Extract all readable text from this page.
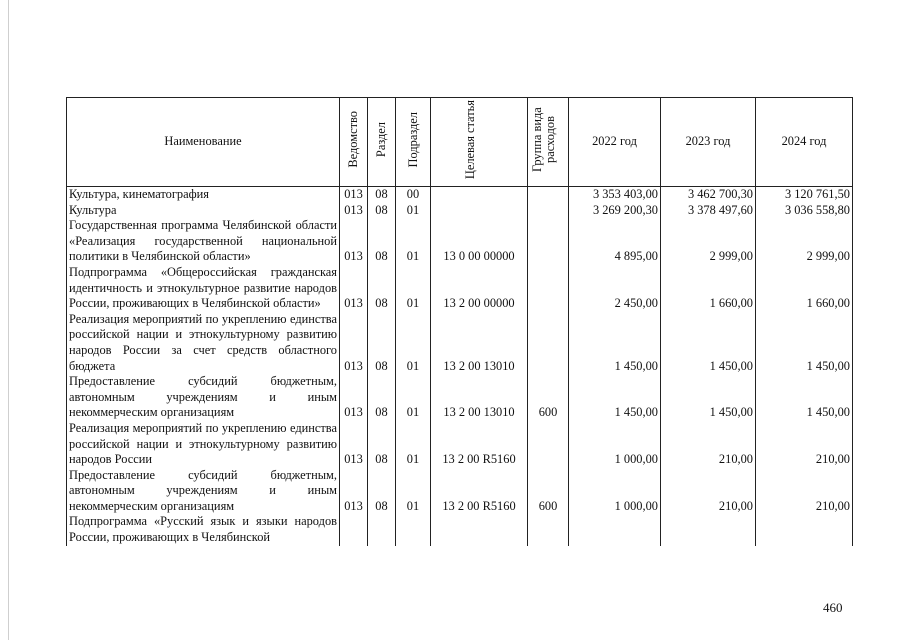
Наименование	Ведомство	Раздел	Подраздел	Целевая статья	Группа вида расходов	2022 год	2023 год	2024 год
Культура, кинематография	013	08	00			3 353 403,00	3 462 700,30	3 120 761,50
Культура	013	08	01			3 269 200,30	3 378 497,60	3 036 558,80
Государственная программа Челябинской области «Реализация государственной национальной политики в Челябинской области»	013	08	01	13 0 00 00000		4 895,00	2 999,00	2 999,00
Подпрограмма «Общероссийская гражданская идентичность и этнокультурное развитие народов России, проживающих в Челябинской области»	013	08	01	13 2 00 00000		2 450,00	1 660,00	1 660,00
Реализация мероприятий по укреплению единства российской нации и этнокультурному развитию народов России за счет средств областного бюджета	013	08	01	13 2 00 13010		1 450,00	1 450,00	1 450,00
Предоставление субсидий бюджетным, автономным учреждениям и иным некоммерческим организациям	013	08	01	13 2 00 13010	600	1 450,00	1 450,00	1 450,00
Реализация мероприятий по укреплению единства российской нации и этнокультурному развитию народов России	013	08	01	13 2 00 R5160		1 000,00	210,00	210,00
Предоставление субсидий бюджетным, автономным учреждениям и иным некоммерческим организациям	013	08	01	13 2 00 R5160	600	1 000,00	210,00	210,00
Подпрограмма «Русский язык и языки народов России, проживающих в Челябинской								
460
